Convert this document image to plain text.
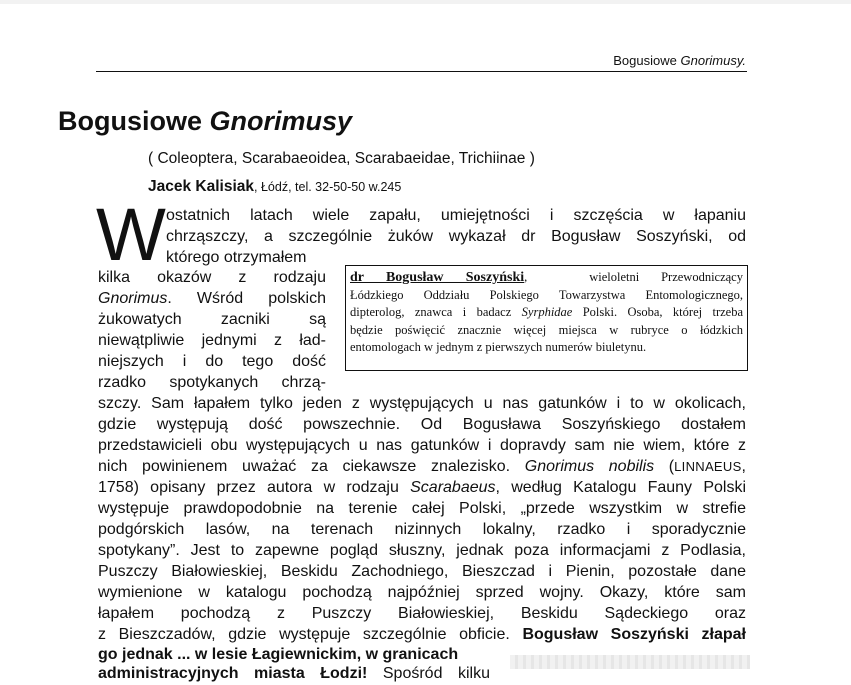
Bogusiowe Gnorimusy.

Bogusiowe Gnorimusy

( Coleoptera, Scarabaeoidea, Scarabaeidae, Trichiinae )

Jacek Kalisiak, Łódź, tel. 32-50-50 w.245

W ostatnich latach wiele zapału, umiejętności i szczęścia w łapaniu

chrząszczy, a szczególnie żuków wykazał dr Bogusław Soszyński, od

którego otrzymałem

kilka okazów z rodzaju

Gnorimus. Wśród polskich

żukowatych zacniki są

niewątpliwie jednymi z ład-

niejszych i do tego dość

rzadko spotykanych chrzą-

dr Bogusław Soszyński,	wieloletni Przewodniczący
Łódzkiego Oddziału Polskiego Towarzystwa Entomologicznego,
dipterolog, znawca i badacz Syrphidae Polski. Osoba, której trzeba
będzie poświęcić znacznie więcej miejsca w rubryce o łódzkich
entomologach w jednym z pierwszych numerów biuletynu.

szczy. Sam łapałem tylko jeden z występujących u nas gatunków i to w okolicach,

gdzie występują dość powszechnie. Od Bogusława Soszyńskiego dostałem

przedstawicieli obu występujących u nas gatunków i dopravdy sam nie wiem, które z

nich powinienem uważać za ciekawsze znalezisko. Gnorimus nobilis (LINNAEUS,

1758) opisany przez autora w rodzaju Scarabaeus, według Katalogu Fauny Polski

występuje prawdopodobnie na terenie całej Polski, „przede wszystkim w strefie

podgórskich lasów, na terenach nizinnych lokalny, rzadko i sporadycznie

spotykany”. Jest to zapewne pogląd słuszny, jednak poza informacjami z Podlasia,

Puszczy Białowieskiej, Beskidu Zachodniego, Bieszczad i Pienin, pozostałe dane

wymienione w katalogu pochodzą najpóźniej sprzed wojny. Okazy, które sam

łapałem pochodzą z Puszczy Białowieskiej, Beskidu Sądeckiego oraz

z Bieszczadów, gdzie występuje szczególnie obficie. Bogusław Soszyński złapał

go jednak ... w lesie Łagiewnickim, w granicach

administracyjnych miasta Łodzi! Spośród kilku
